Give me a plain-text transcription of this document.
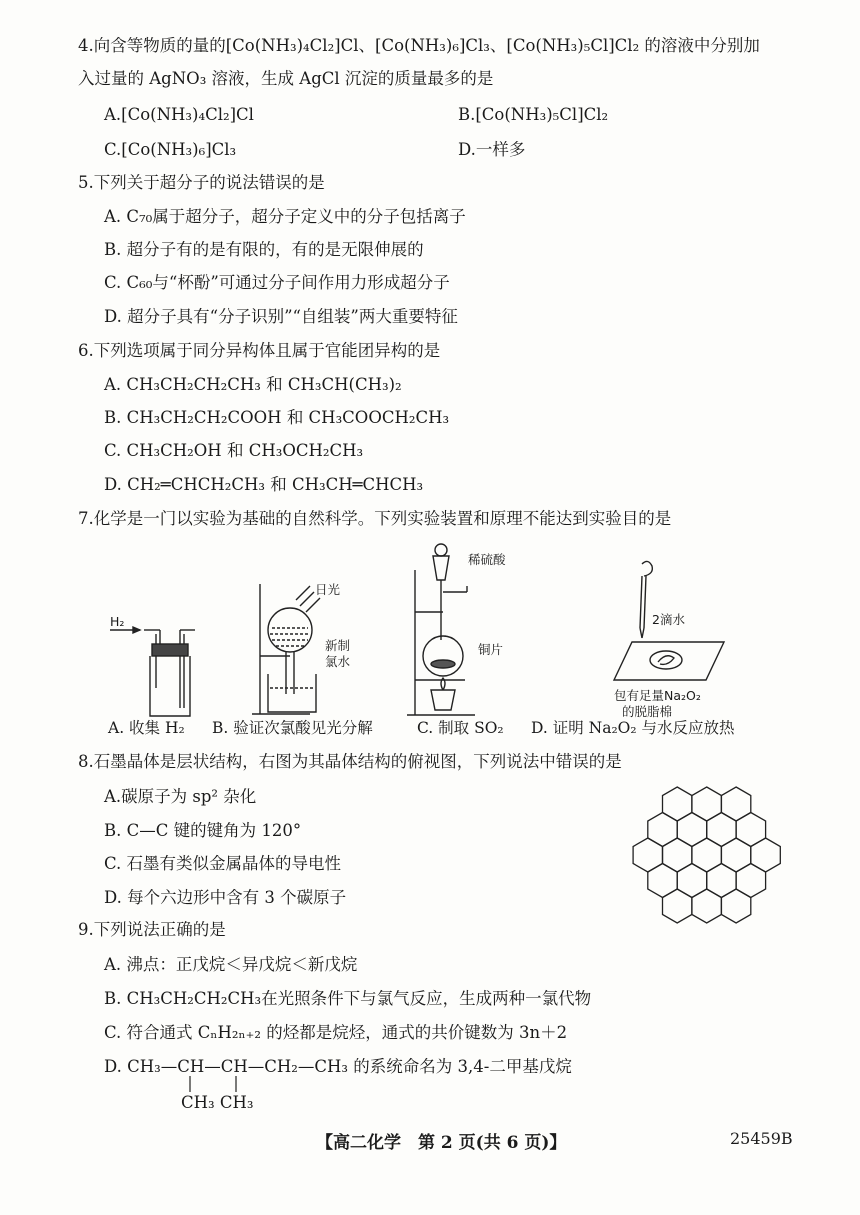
4.向含等物质的量的[Co(NH₃)₄Cl₂]Cl、[Co(NH₃)₆]Cl₃、[Co(NH₃)₅Cl]Cl₂ 的溶液中分别加
入过量的 AgNO₃ 溶液，生成 AgCl 沉淀的质量最多的是
A.[Co(NH₃)₄Cl₂]Cl	B.[Co(NH₃)₅Cl]Cl₂
C.[Co(NH₃)₆]Cl₃	D.一样多
5.下列关于超分子的说法错误的是
A. C₇₀属于超分子，超分子定义中的分子包括离子
B. 超分子有的是有限的，有的是无限伸展的
C. C₆₀与“杯酚”可通过分子间作用力形成超分子
D. 超分子具有“分子识别”“自组装”两大重要特征
6.下列选项属于同分异构体且属于官能团异构的是
A. CH₃CH₂CH₂CH₃ 和 CH₃CH(CH₃)₂
B. CH₃CH₂CH₂COOH 和 CH₃COOCH₂CH₃
C. CH₃CH₂OH 和 CH₃OCH₂CH₃
D. CH₂═CHCH₂CH₃ 和 CH₃CH═CHCH₃
7.化学是一门以实验为基础的自然科学。下列实验装置和原理不能达到实验目的是
H₂
日光
新制
氯水
稀硫酸
铜片
2滴水
包有足量Na₂O₂
的脱脂棉
A. 收集 H₂ B. 验证次氯酸见光分解	C. 制取 SO₂ D. 证明 Na₂O₂ 与水反应放热
8.石墨晶体是层状结构，右图为其晶体结构的俯视图，下列说法中错误的是
A.碳原子为 sp² 杂化
B. C—C 键的键角为 120°
C. 石墨有类似金属晶体的导电性
D. 每个六边形中含有 3 个碳原子
9.下列说法正确的是
A. 沸点：正戊烷＜异戊烷＜新戊烷
B. CH₃CH₂CH₂CH₃在光照条件下与氯气反应，生成两种一氯代物
C. 符合通式 CₙH₂ₙ₊₂ 的烃都是烷烃，通式的共价键数为 3n＋2
D. CH₃—CH—CH—CH₂—CH₃ 的系统命名为 3,4-二甲基戊烷
CH₃ CH₃
【高二化学　第 2 页(共 6 页)】	25459B
